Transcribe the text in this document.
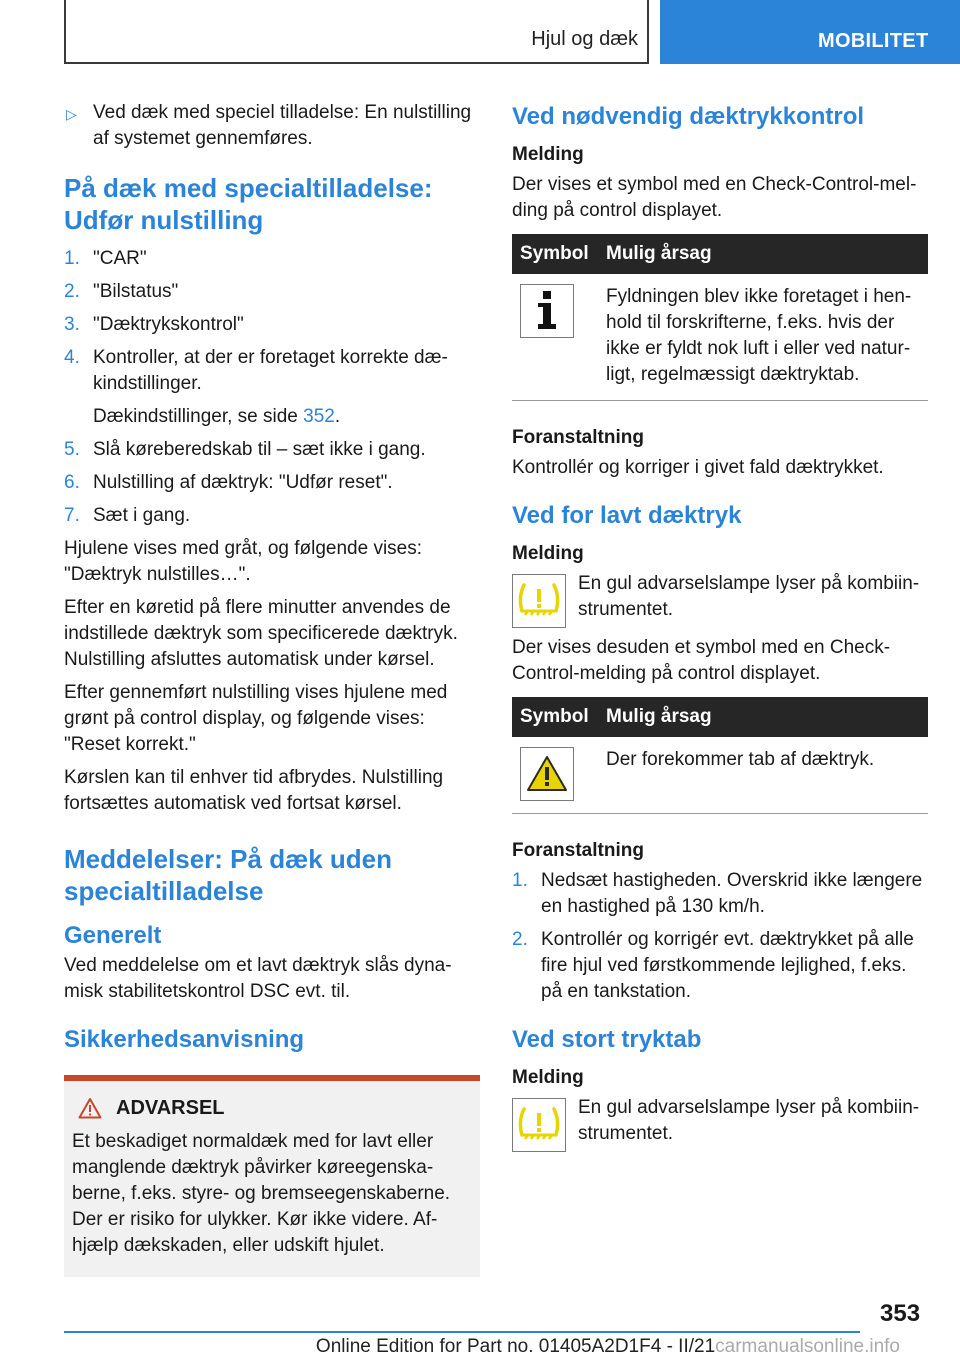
Hjul og dæk	MOBILITET
▷ Ved dæk med speciel tilladelse: En nulstilling af systemet gennemføres.
På dæk med specialtilladelse: Udfør nulstilling
1. "CAR"
2. "Bilstatus"
3. "Dæktrykskontrol"
4. Kontroller, at der er foretaget korrekte dækindstillinger.
Dækindstillinger, se side 352.
5. Slå køreberedskab til – sæt ikke i gang.
6. Nulstilling af dæktryk: "Udfør reset".
7. Sæt i gang.

Hjulene vises med gråt, og følgende vises: "Dæktryk nulstilles…".

Efter en køretid på flere minutter anvendes de indstillede dæktryk som specificerede dæktryk. Nulstilling afsluttes automatisk under kørsel.

Efter gennemført nulstilling vises hjulene med grønt på control display, og følgende vises: "Reset korrekt."

Kørslen kan til enhver tid afbrydes. Nulstilling fortsættes automatisk ved fortsat kørsel.

Meddelelser: På dæk uden specialtilladelse
Generelt

Ved meddelelse om et lavt dæktryk slås dynamisk stabilitetskontrol DSC evt. til.

Sikkerhedsanvisning
ADVARSEL

Et beskadiget normaldæk med for lavt eller manglende dæktryk påvirker køreegenskaberne, f.eks. styre- og bremseegenskaberne. Der er risiko for ulykker. Kør ikke videre. Afhjælp dækskaden, eller udskift hjulet.

Ved nødvendig dæktrykkontrol
Melding

Der vises et symbol med en Check-Control-melding på control displayet.

Symbol	Mulig årsag

	Fyldningen blev ikke foretaget i henhold til forskrifterne, f.eks. hvis der ikke er fyldt nok luft i eller ved naturligt, regelmæssigt dæktryktab.
Foranstaltning

Kontrollér og korriger i givet fald dæktrykket.

Ved for lavt dæktryk
Melding
En gul advarselslampe lyser på kombiinstrumentet.

Der vises desuden et symbol med en Check-Control-melding på control displayet.

Symbol	Mulig årsag

	Der forekommer tab af dæktryk.
Foranstaltning
1. Nedsæt hastigheden. Overskrid ikke længere en hastighed på 130 km/h.
2. Kontrollér og korrigér evt. dæktrykket på alle fire hjul ved førstkommende lejlighed, f.eks. på en tankstation.
Ved stort tryktab
Melding
En gul advarselslampe lyser på kombiinstrumentet.
353
Online Edition for Part no. 01405A2D1F4 - II/21carmanualsonline.info
